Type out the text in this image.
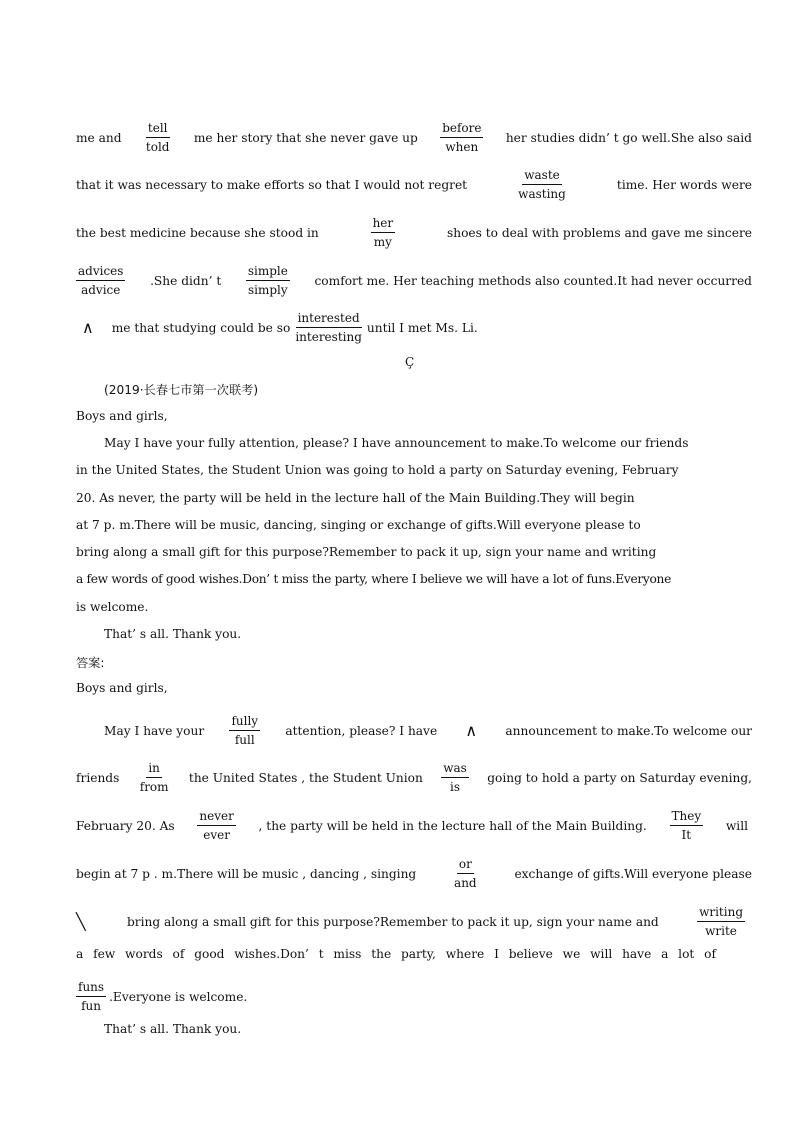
me and $\frac{\text{tell}}{\text{told}}$ me her story that she never gave up $\frac{\text{before}}{\text{when}}$ her studies didn’ t go well.She also said
that it was necessary to make efforts so that I would not regret	$\frac{\text{waste}}{\text{wasting}}$	time. Her words were
the best medicine because she stood in	$\frac{\text{her}}{my}$	shoes to deal with problems and gave me sincere
$\frac{\text{advices}}{\text{advice}} .She$ didn’ t $\frac{\text{simple}}{\text{simply}}$ comfort me. Her teaching methods also counted.It had never occurred
∧ me that studying could be so $\frac{\text{interested}}{\text{interesting}}$ until I met Ms. Li.
Ç
(2019·长春七市第一次联考)
Boys and girls,
May I have your fully attention, please? I have announcement to make.To welcome our friends
in the United States, the Student Union was going to hold a party on Saturday evening, February
20. As never, the party will be held in the lecture hall of the Main Building.They will begin
at 7 p. m.There will be music, dancing, singing or exchange of gifts.Will everyone please to
bring along a small gift for this purpose?Remember to pack it up, sign your name and writing
a few words of good wishes.Don’ t miss the party, where I believe we will have a lot of funs.Everyone
is welcome.
That’ s all. Thank you.
答案:
Boys and girls,
May I have your $\frac{\text{fully}}{\text{full}}$ attention, please? I have ∧ announcement to make.To welcome our
friends $\frac{in}{\text{from}}$ the United States , the Student Union $\frac{\text{was}}{is}$ going to hold a party on Saturday evening,
February 20. As $\frac{\text{never}}{\text{ever}}$ , the party will be held in the lecture hall of the Main Building. $\frac{\text{They}}{It}$ will
begin at 7 p . m.There will be music , dancing , singing	$\frac{or}{\text{and}}$	exchange of gifts.Will everyone please
╲	bring along a small gift for this purpose?Remember to pack it up, sign your name and	$\frac{\text{writing}}{\text{write}}$
a few words of good wishes.Don’ t miss the party, where I believe we will have a lot of
$\frac{\text{funs}}{\text{fun}}$ .Everyone is welcome.
That’ s all. Thank you.
